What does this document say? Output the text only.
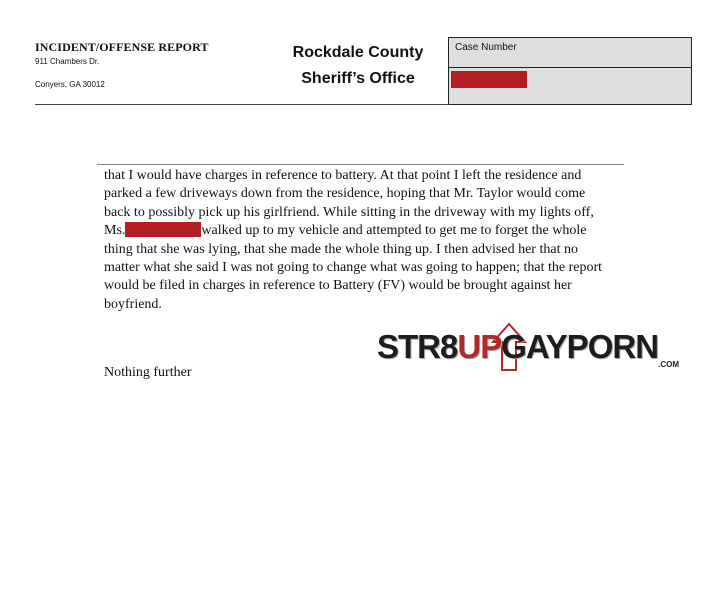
INCIDENT/OFFENSE REPORT
911 Chambers Dr.
Conyers, GA 30012
Rockdale County
Sheriff’s Office
Case Number
that I would have charges in reference to battery. At that point I left the residence and
parked a few driveways down from the residence, hoping that Mr. Taylor would come
back to possibly pick up his girlfriend. While sitting in the driveway with my lights off,
Ms.	walked up to my vehicle and attempted to get me to forget the whole
thing that she was lying, that she made the whole thing up. I then advised her that no
matter what she said I was not going to change what was going to happen; that the report
would be filed in charges in reference to Battery (FV) would be brought against her
boyfriend.
STR8UPGAYPORN .COM
Nothing further
